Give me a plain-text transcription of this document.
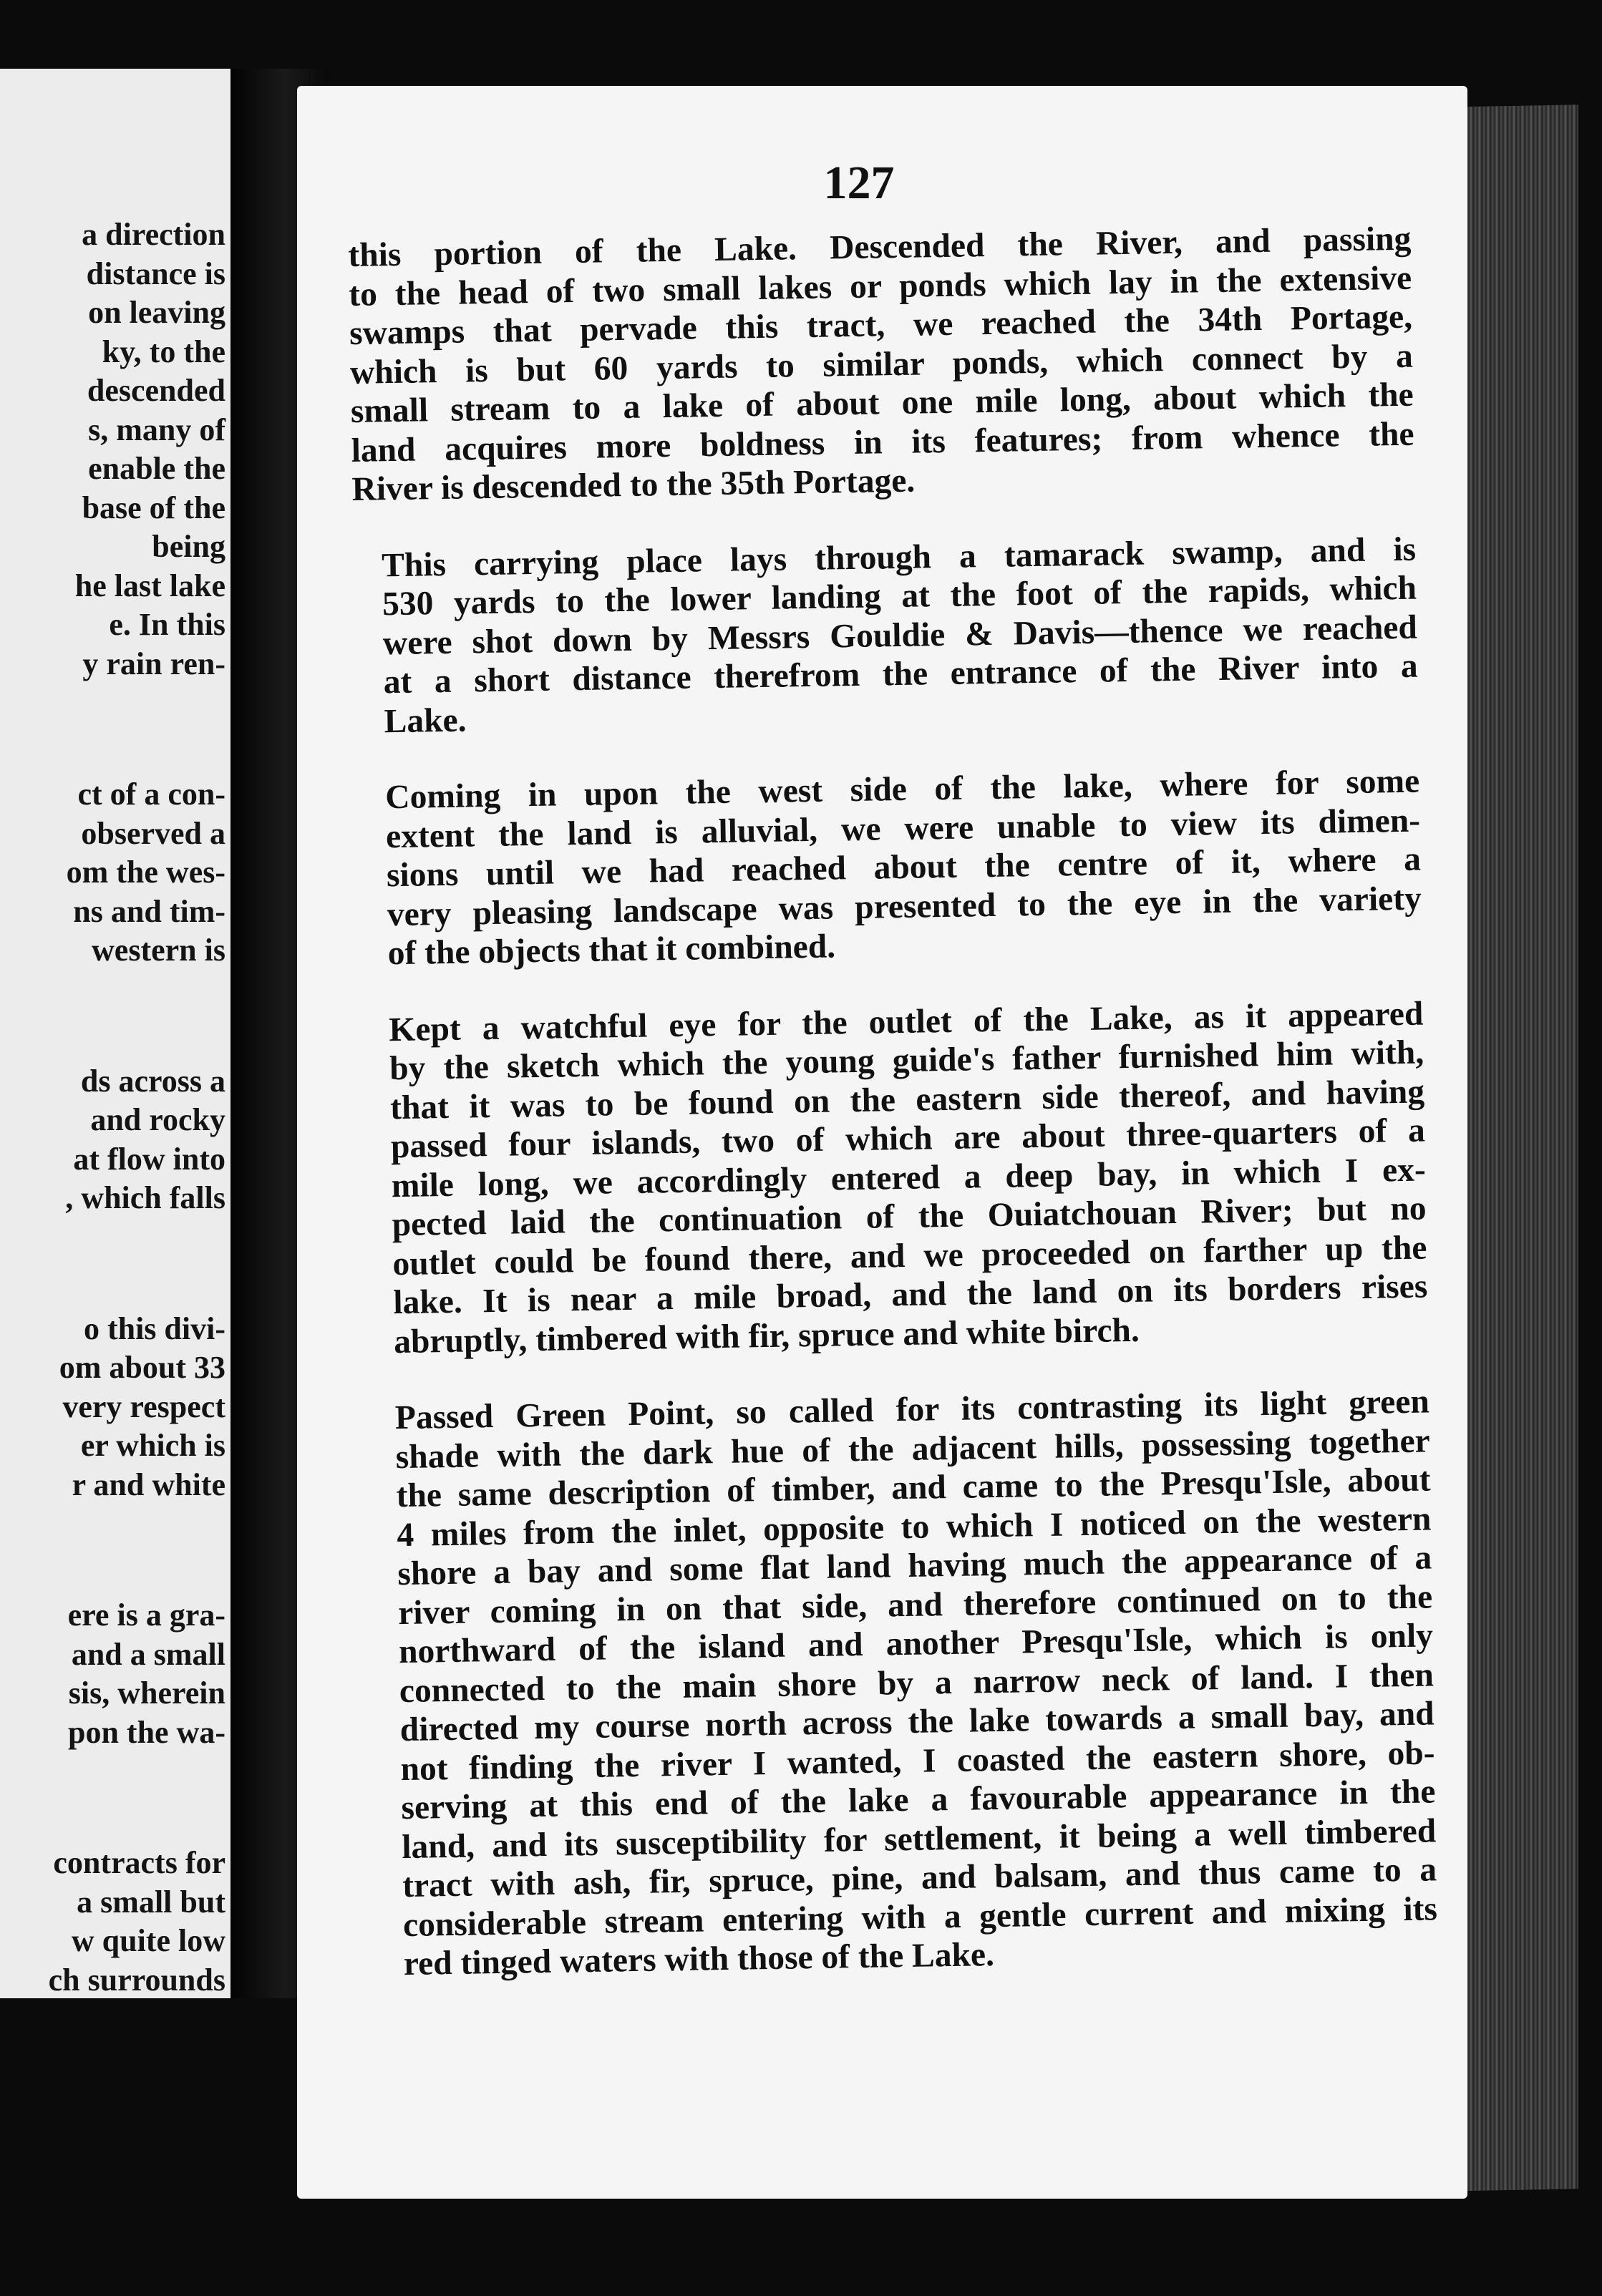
a direction
distance is
on leaving
ky, to the
descended
s, many of
enable the
base of the
being
he last lake
e. In this
y rain ren-
ct of a con-
observed a
om the wes-
ns and tim-
western is
ds across a
and rocky
at flow into
, which falls
o this divi-
om about 33
very respect
er which is
r and white
ere is a gra-
and a small
sis, wherein
pon the wa-
contracts for
a small but
w quite low
ch surrounds
127
this portion of the Lake. Descended the River, and passing
to the head of two small lakes or ponds which lay in the extensive
swamps that pervade this tract, we reached the 34th Portage,
which is but 60 yards to similar ponds, which connect by a
small stream to a lake of about one mile long, about which the
land acquires more boldness in its features; from whence the
River is descended to the 35th Portage.
This carrying place lays through a tamarack swamp, and is
530 yards to the lower landing at the foot of the rapids, which
were shot down by Messrs Gouldie & Davis—thence we reached
at a short distance therefrom the entrance of the River into a
Lake.
Coming in upon the west side of the lake, where for some
extent the land is alluvial, we were unable to view its dimen-
sions until we had reached about the centre of it, where a
very pleasing landscape was presented to the eye in the variety
of the objects that it combined.
Kept a watchful eye for the outlet of the Lake, as it appeared
by the sketch which the young guide's father furnished him with,
that it was to be found on the eastern side thereof, and having
passed four islands, two of which are about three-quarters of a
mile long, we accordingly entered a deep bay, in which I ex-
pected laid the continuation of the Ouiatchouan River; but no
outlet could be found there, and we proceeded on farther up the
lake. It is near a mile broad, and the land on its borders rises
abruptly, timbered with fir, spruce and white birch.
Passed Green Point, so called for its contrasting its light green
shade with the dark hue of the adjacent hills, possessing together
the same description of timber, and came to the Presqu'Isle, about
4 miles from the inlet, opposite to which I noticed on the western
shore a bay and some flat land having much the appearance of a
river coming in on that side, and therefore continued on to the
northward of the island and another Presqu'Isle, which is only
connected to the main shore by a narrow neck of land. I then
directed my course north across the lake towards a small bay, and
not finding the river I wanted, I coasted the eastern shore, ob-
serving at this end of the lake a favourable appearance in the
land, and its susceptibility for settlement, it being a well timbered
tract with ash, fir, spruce, pine, and balsam, and thus came to a
considerable stream entering with a gentle current and mixing its
red tinged waters with those of the Lake.
